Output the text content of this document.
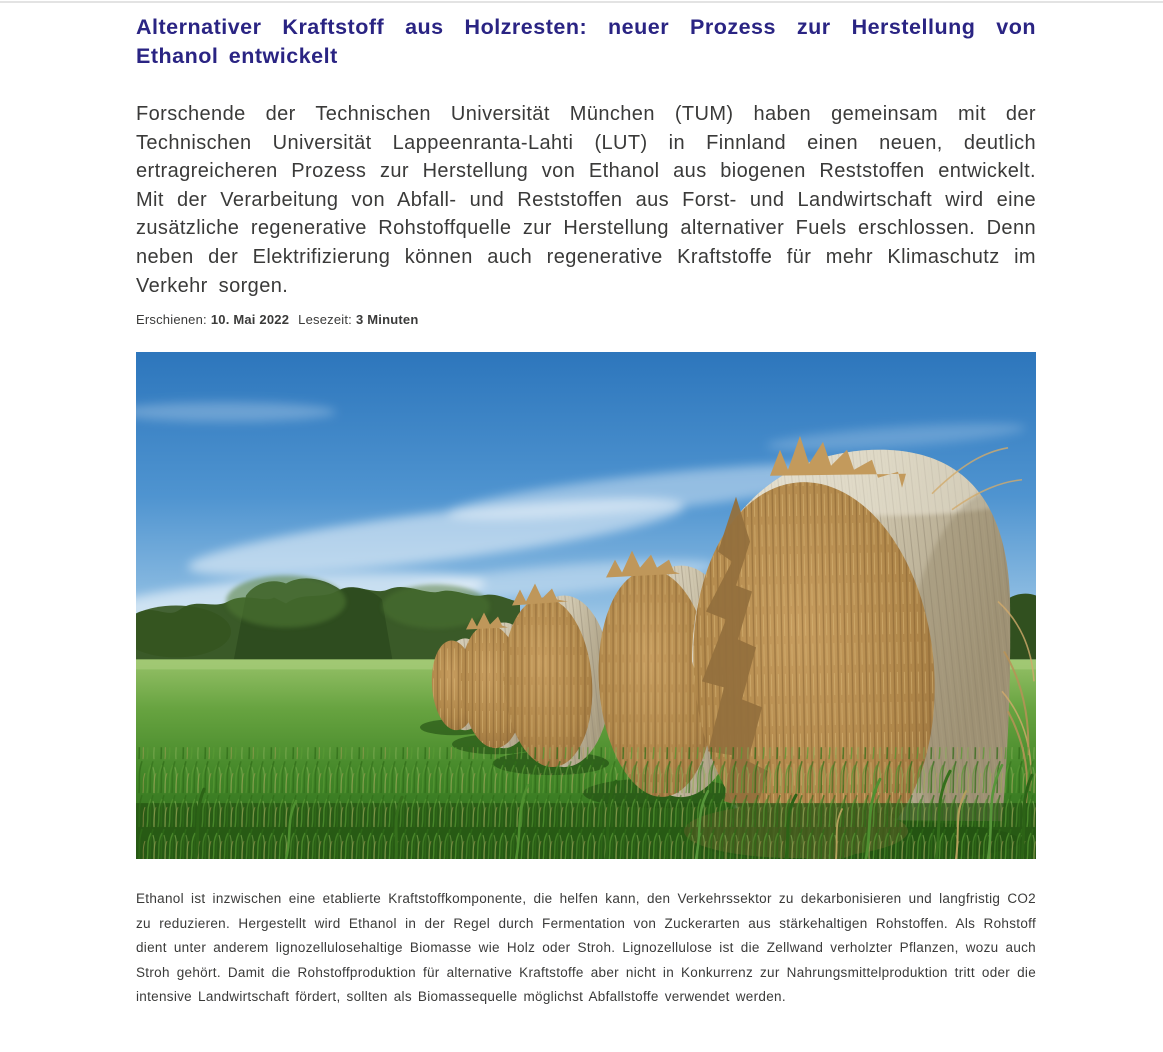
Alternativer Kraftstoff aus Holzresten: neuer Prozess zur Herstellung von Ethanol entwickelt

Forschende der Technischen Universität München (TUM) haben gemeinsam mit der Technischen Universität Lappeenranta-Lahti (LUT) in Finnland einen neuen, deutlich ertragreicheren Prozess zur Herstellung von Ethanol aus biogenen Reststoffen entwickelt. Mit der Verarbeitung von Abfall- und Reststoffen aus Forst- und Landwirtschaft wird eine zusätzliche regenerative Rohstoffquelle zur Herstellung alternativer Fuels erschlossen. Denn neben der Elektrifizierung können auch regenerative Kraftstoffe für mehr Klimaschutz im Verkehr sorgen.

Erschienen: 10. Mai 2022 Lesezeit: 3 Minuten

Ethanol ist inzwischen eine etablierte Kraftstoffkomponente, die helfen kann, den Verkehrssektor zu dekarbonisieren und langfristig CO2 zu reduzieren. Hergestellt wird Ethanol in der Regel durch Fermentation von Zuckerarten aus stärkehaltigen Rohstoffen. Als Rohstoff dient unter anderem lignozellulosehaltige Biomasse wie Holz oder Stroh. Lignozellulose ist die Zellwand verholzter Pflanzen, wozu auch Stroh gehört. Damit die Rohstoffproduktion für alternative Kraftstoffe aber nicht in Konkurrenz zur Nahrungsmittelproduktion tritt oder die intensive Landwirtschaft fördert, sollten als Biomassequelle möglichst Abfallstoffe verwendet werden.
